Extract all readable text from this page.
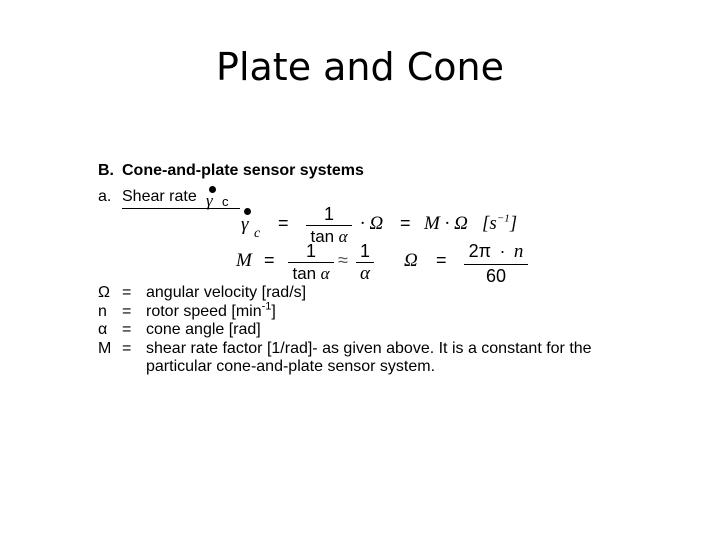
Plate and Cone
B. Cone-and-plate sensor systems
a. Shear rate γ c
γ c
= 1
tan α
· Ω = M · Ω $[s^{-1}]$
M = 1
tan α
≈ 1
α
Ω = 2π · n
60
Ω = angular velocity [rad/s]
n = rotor speed $[\min^{-1}]$
α = cone angle [rad]
M = shear rate factor [1/rad]- as given above. It is a constant for the
particular cone-and-plate sensor system.
